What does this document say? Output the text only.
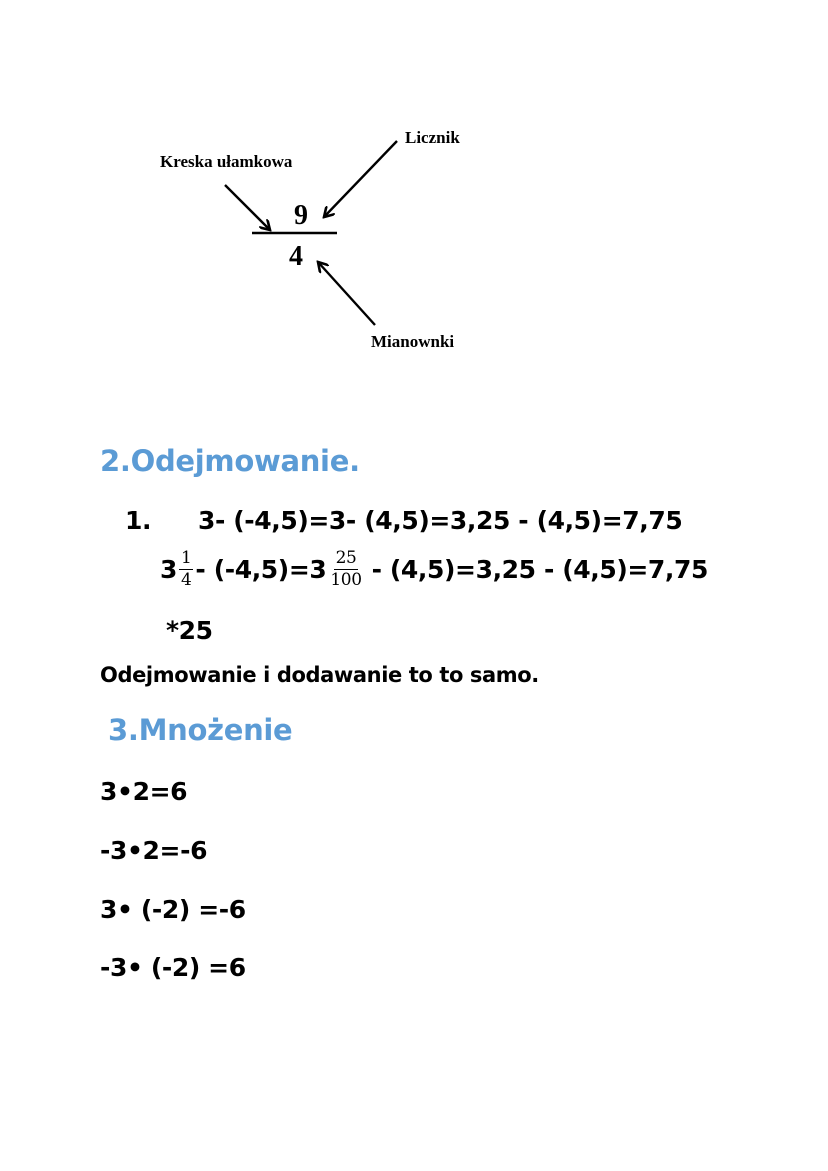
Licznik
Kreska ułamkowa
Mianownki
9
4
2.Odejmowanie.
1. 3- (-4,5)=3- (4,5)=3,25 - (4,5)=7,75
$3 \frac{1}{4} - (-4,5)=3 \frac{25}{100} - (4,5)=3,25 - (4,5)=7,75$
*25
Odejmowanie i dodawanie to to samo.
3.Mnożenie
3•2=6
-3•2=-6
3• (-2) =-6
-3• (-2) =6
